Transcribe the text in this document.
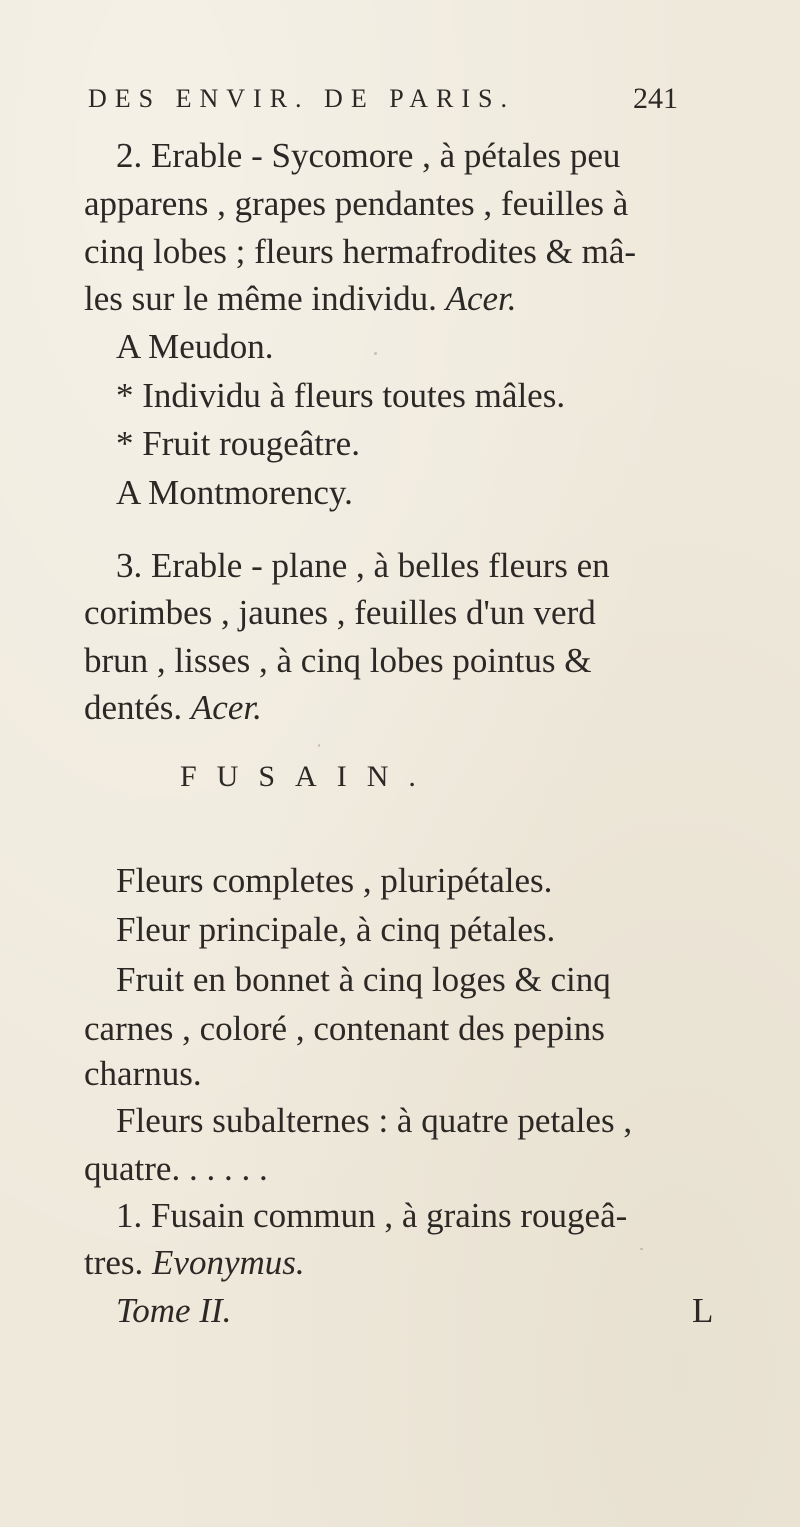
DES ENVIR. DE PARIS.	241
2. Erable - Sycomore , à pétales peu
apparens , grapes pendantes , feuilles à
cinq lobes ; fleurs hermafrodites & mâ-
les sur le même individu. Acer.
A Meudon.
* Individu à fleurs toutes mâles.
* Fruit rougeâtre.
A Montmorency.
3. Erable - plane , à belles fleurs en
corimbes , jaunes , feuilles d'un verd
brun , lisses , à cinq lobes pointus &
dentés. Acer.
FUSAIN.
Fleurs completes , pluripétales.
Fleur principale, à cinq pétales.
Fruit en bonnet à cinq loges & cinq
carnes , coloré , contenant des pepins
charnus.
Fleurs subalternes : à quatre petales ,
quatre. . . . . .
1. Fusain commun , à grains rougeâ-
tres. Evonymus.
Tome II.	L
